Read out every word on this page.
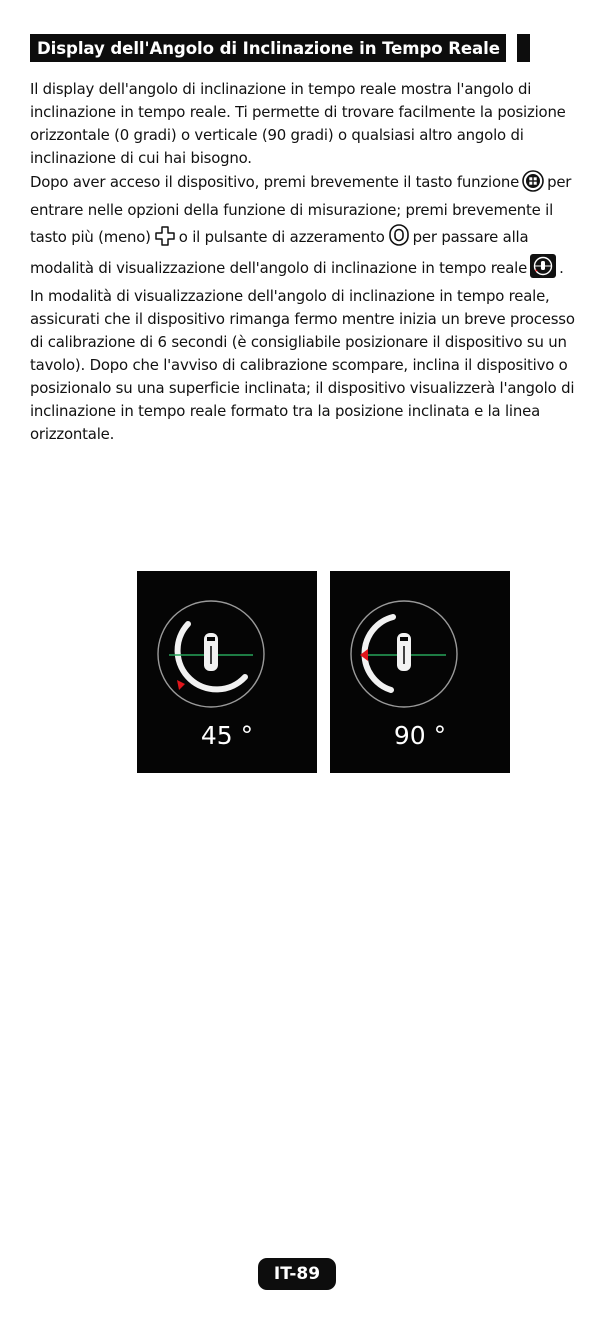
Display dell'Angolo di Inclinazione in Tempo Reale

Il display dell'angolo di inclinazione in tempo reale mostra l'angolo di inclinazione in tempo reale. Ti permette di trovare facilmente la posizione orizzontale (0 gradi) o verticale (90 gradi) o qualsiasi altro angolo di inclinazione di cui hai bisogno.

Dopo aver acceso il dispositivo, premi brevemente il tasto funzione per entrare nelle opzioni della funzione di misurazione; premi brevemente il tasto più (meno) o il pulsante di azzeramento per passare alla modalità di visualizzazione dell'angolo di inclinazione in tempo reale .

In modalità di visualizzazione dell'angolo di inclinazione in tempo reale, assicurati che il dispositivo rimanga fermo mentre inizia un breve processo di calibrazione di 6 secondi (è consigliabile posizionare il dispositivo su un tavolo). Dopo che l'avviso di calibrazione scompare, inclina il dispositivo o posizionalo su una superficie inclinata; il dispositivo visualizzerà l'angolo di inclinazione in tempo reale formato tra la posizione inclinata e la linea orizzontale.

45 °	90 °
IT-89
